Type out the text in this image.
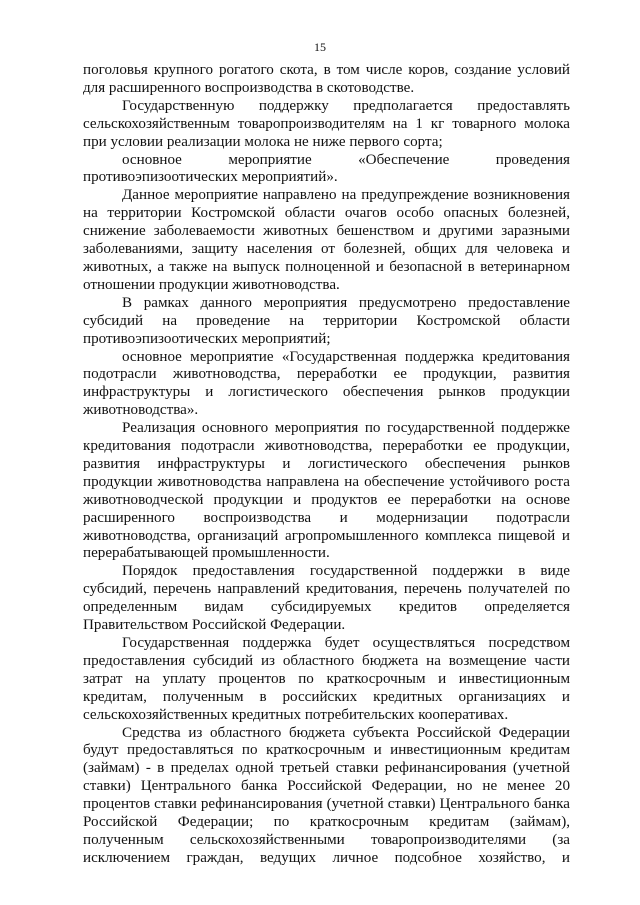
15

поголовья крупного рогатого скота, в том числе коров, создание условий для расширенного воспроизводства в скотоводстве.

Государственную поддержку предполагается предоставлять сельскохозяйственным товаропроизводителям на 1 кг товарного молока при условии реализации молока не ниже первого сорта;

основное мероприятие «Обеспечение проведения противоэпизоотических мероприятий».

Данное мероприятие направлено на предупреждение возникновения на территории Костромской области очагов особо опасных болезней, снижение заболеваемости животных бешенством и другими заразными заболеваниями, защиту населения от болезней, общих для человека и животных, а также на выпуск полноценной и безопасной в ветеринарном отношении продукции животноводства.

В рамках данного мероприятия предусмотрено предоставление субсидий на проведение на территории Костромской области противоэпизоотических мероприятий;

основное мероприятие «Государственная поддержка кредитования подотрасли животноводства, переработки ее продукции, развития инфраструктуры и логистического обеспечения рынков продукции животноводства».

Реализация основного мероприятия по государственной поддержке кредитования подотрасли животноводства, переработки ее продукции, развития инфраструктуры и логистического обеспечения рынков продукции животноводства направлена на обеспечение устойчивого роста животноводческой продукции и продуктов ее переработки на основе расширенного воспроизводства и модернизации подотрасли животноводства, организаций агропромышленного комплекса пищевой и перерабатывающей промышленности.

Порядок предоставления государственной поддержки в виде субсидий, перечень направлений кредитования, перечень получателей по определенным видам субсидируемых кредитов определяется Правительством Российской Федерации.

Государственная поддержка будет осуществляться посредством предоставления субсидий из областного бюджета на возмещение части затрат на уплату процентов по краткосрочным и инвестиционным кредитам, полученным в российских кредитных организациях и сельскохозяйственных кредитных потребительских кооперативах.

Средства из областного бюджета субъекта Российской Федерации будут предоставляться по краткосрочным и инвестиционным кредитам (займам) - в пределах одной третьей ставки рефинансирования (учетной ставки) Центрального банка Российской Федерации, но не менее 20 процентов ставки рефинансирования (учетной ставки) Центрального банка Российской Федерации; по краткосрочным кредитам (займам), полученным сельскохозяйственными товаропроизводителями (за исключением граждан, ведущих личное подсобное хозяйство, и
